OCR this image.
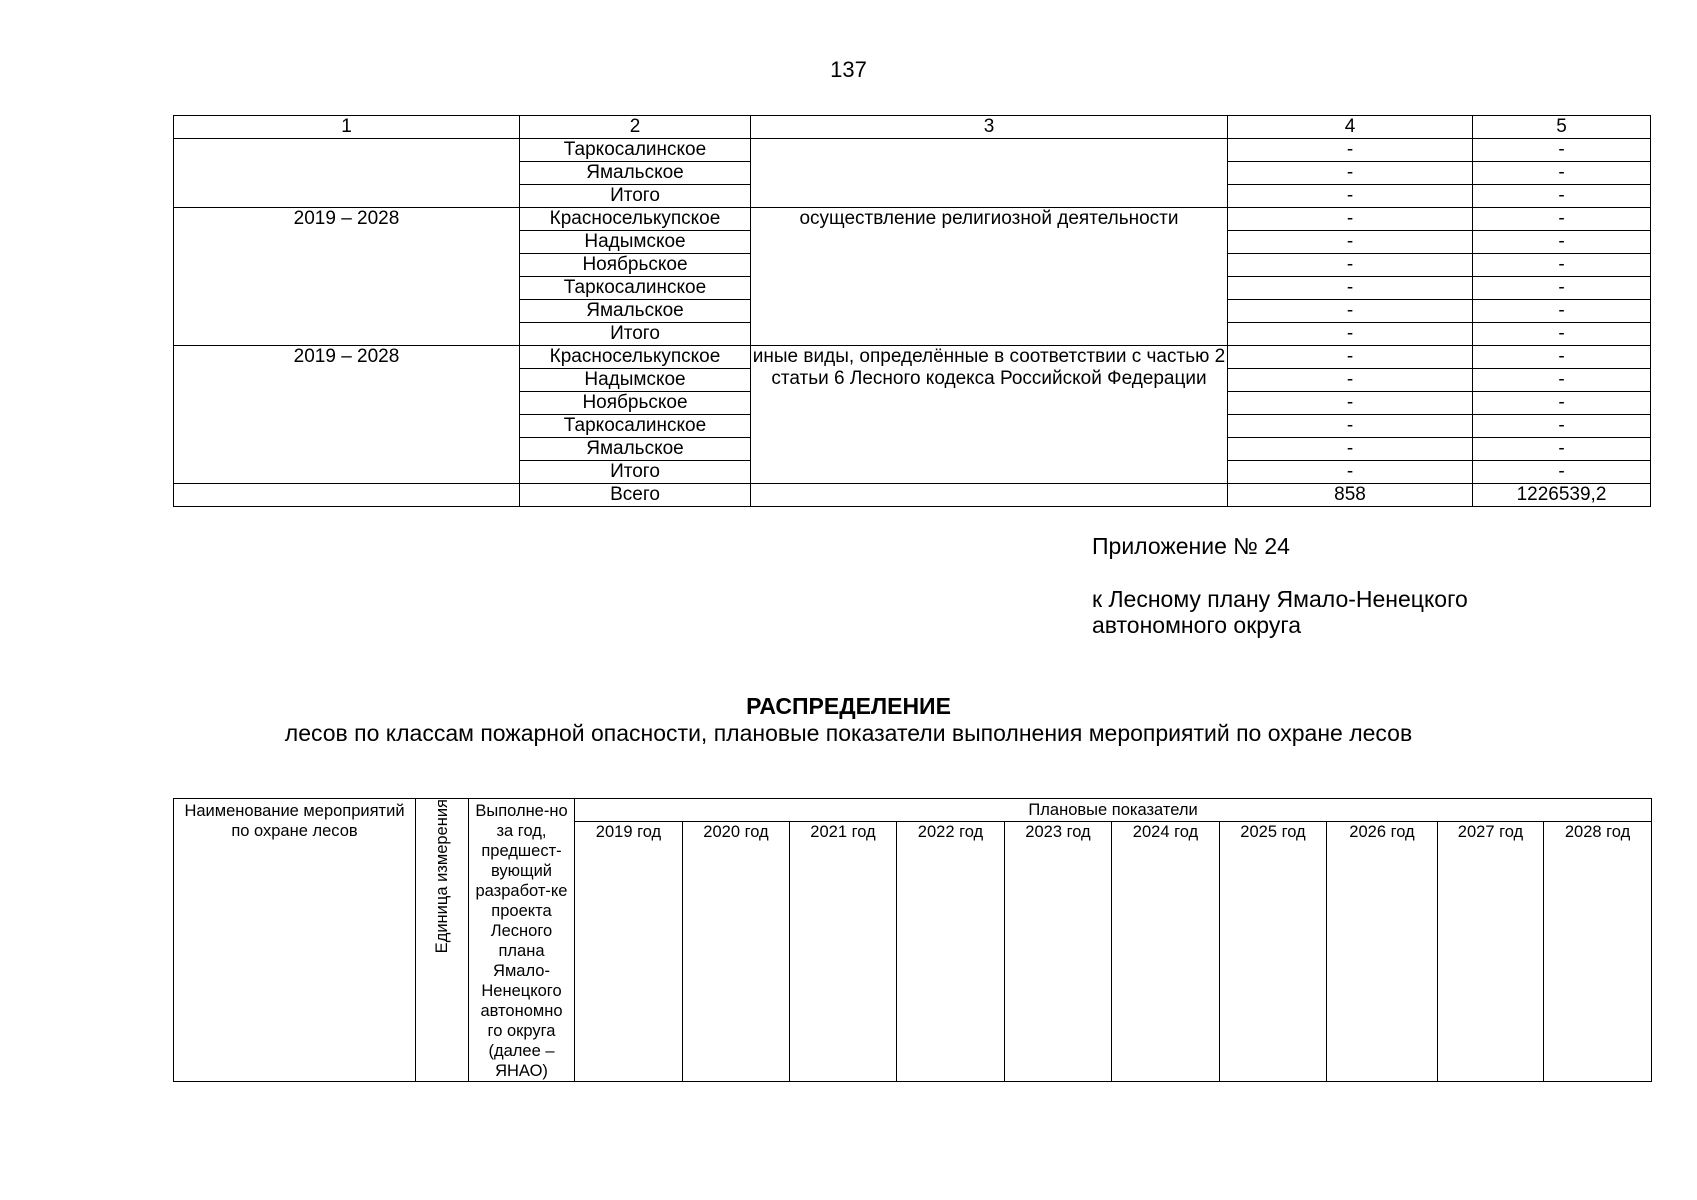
137
1	2	3	4	5
	Таркосалинское		-	-
	Ямальское		-	-
	Итого		-	-
2019 – 2028	Красноселькупское	осуществление религиозной деятельности	-	-
	Надымское		-	-
	Ноябрьское		-	-
	Таркосалинское		-	-
	Ямальское		-	-
	Итого		-	-
2019 – 2028	Красноселькупское	иные виды, определённые в соответствии с частью 2 статьи 6 Лесного кодекса Российской Федерации	-	-
	Надымское		-	-
	Ноябрьское		-	-
	Таркосалинское		-	-
	Ямальское		-	-
	Итого		-	-
	Всего		858	1226539,2
Приложение № 24
к Лесному плану Ямало-Ненецкого
автономного округа
РАСПРЕДЕЛЕНИЕ
лесов по классам пожарной опасности, плановые показатели выполнения мероприятий по охране лесов
Наименование мероприятий по охране лесов	Единица измерения	Выполне-но за год, предшест-вующий разработ-ке проекта Лесного плана Ямало-Ненецкого автономно го округа (далее – ЯНАО)	Плановые показатели									
			2019 год	2020 год	2021 год	2022 год	2023 год	2024 год	2025 год	2026 год	2027 год	2028 год
